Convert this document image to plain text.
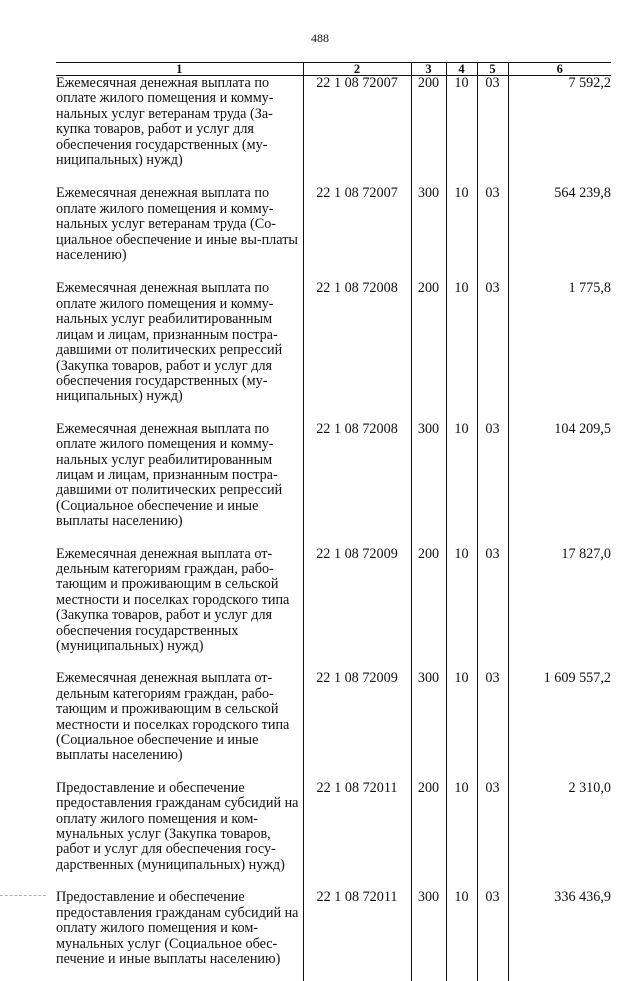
488
1	2	3	4	5	6
Ежемесячная денежная выплата по оплате жилого помещения и комму-нальных услуг ветеранам труда (За-купка товаров, работ и услуг для обеспечения государственных (му-ниципальных) нужд)	22 1 08 72007	200	10	03	7 592,2

Ежемесячная денежная выплата по оплате жилого помещения и комму-нальных услуг ветеранам труда (Со-циальное обеспечение и иные вы-платы населению)	22 1 08 72007	300	10	03	564 239,8

Ежемесячная денежная выплата по оплате жилого помещения и комму-нальных услуг реабилитированным лицам и лицам, признанным постра-давшими от политических репрессий (Закупка товаров, работ и услуг для обеспечения государственных (му-ниципальных) нужд)	22 1 08 72008	200	10	03	1 775,8

Ежемесячная денежная выплата по оплате жилого помещения и комму-нальных услуг реабилитированным лицам и лицам, признанным постра-давшими от политических репрессий (Социальное обеспечение и иные выплаты населению)	22 1 08 72008	300	10	03	104 209,5

Ежемесячная денежная выплата от-дельным категориям граждан, рабо-тающим и проживающим в сельской местности и поселках городского типа (Закупка товаров, работ и услуг для обеспечения государственных (муниципальных) нужд)	22 1 08 72009	200	10	03	17 827,0

Ежемесячная денежная выплата от-дельным категориям граждан, рабо-тающим и проживающим в сельской местности и поселках городского типа (Социальное обеспечение и иные выплаты населению)	22 1 08 72009	300	10	03	1 609 557,2

Предоставление и обеспечение предоставления гражданам субсидий на оплату жилого помещения и ком-мунальных услуг (Закупка товаров, работ и услуг для обеспечения госу-дарственных (муниципальных) нужд)	22 1 08 72011	200	10	03	2 310,0

Предоставление и обеспечение предоставления гражданам субсидий на оплату жилого помещения и ком-мунальных услуг (Социальное обес-печение и иные выплаты населению)	22 1 08 72011	300	10	03	336 436,9
